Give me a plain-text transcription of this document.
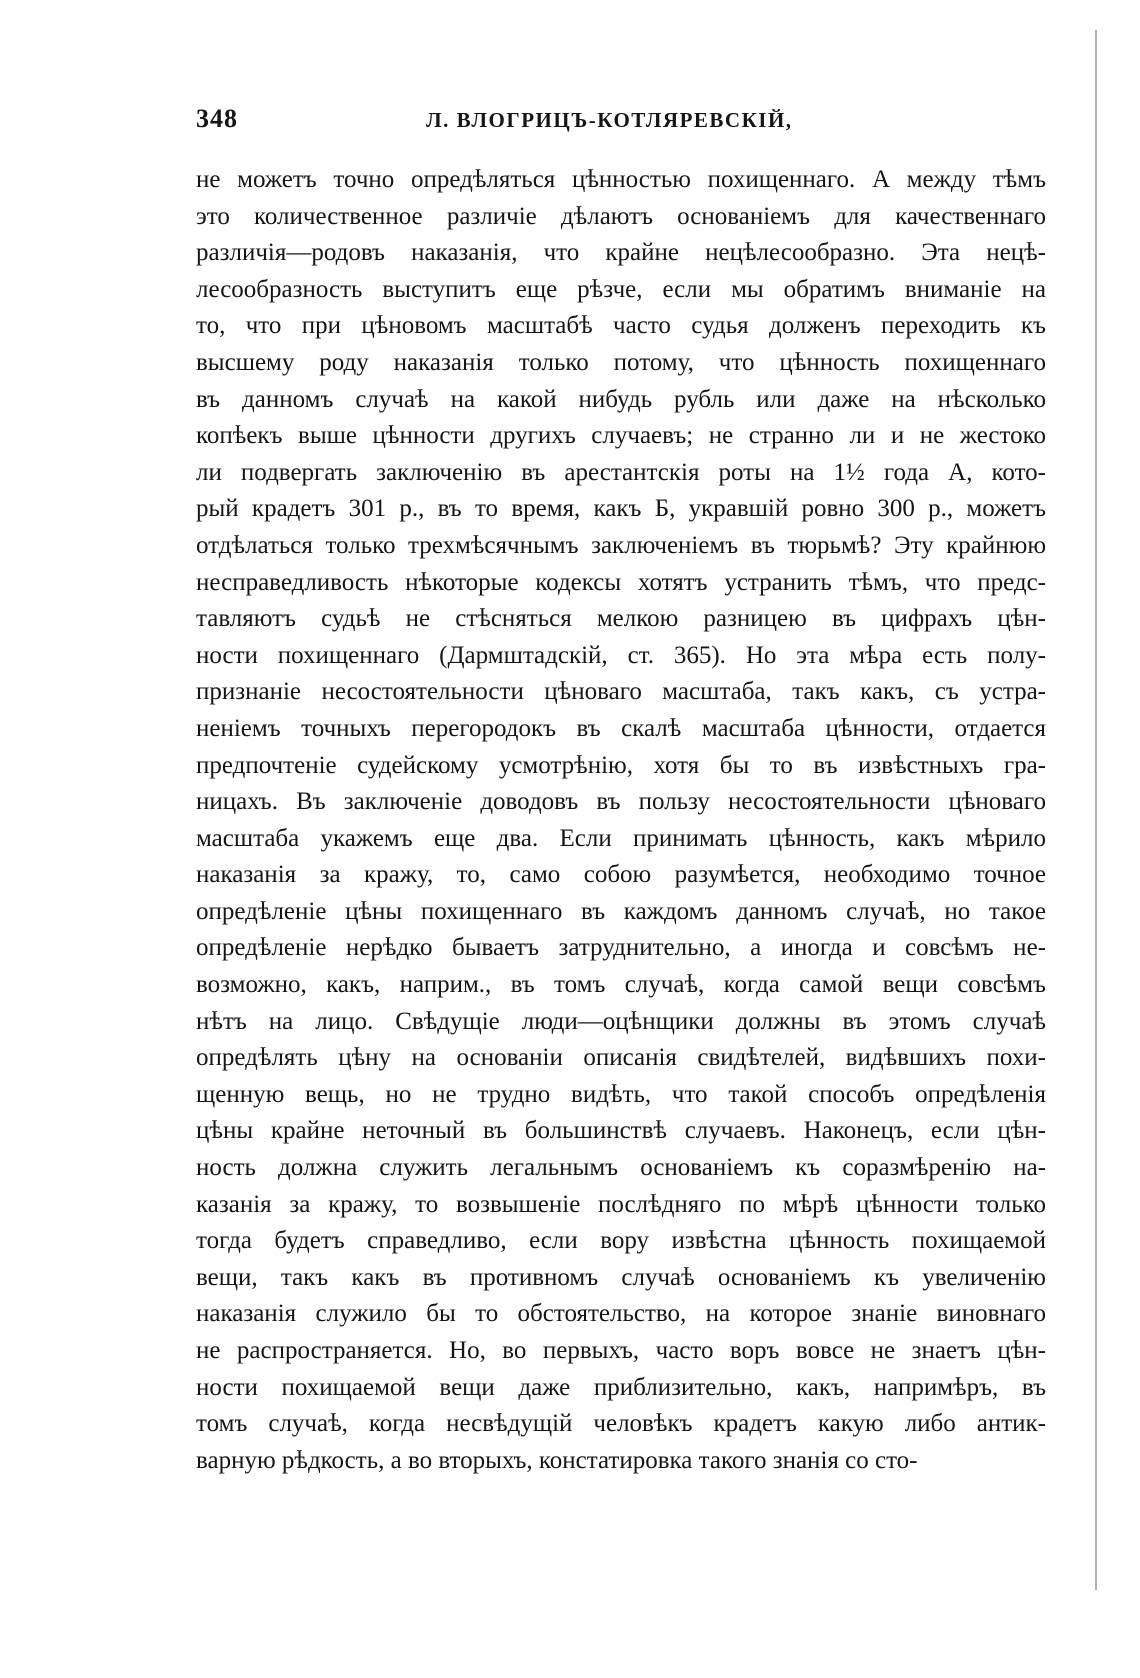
348	Л. ВЛОГРИЦЪ-КОТЛЯРЕВСКІЙ,
не можетъ точно опредѣляться цѣнностью похищеннаго. А между тѣмъ
это количественное различіе дѣлаютъ основаніемъ для качественнаго
различія—родовъ наказанія, что крайне нецѣлесообразно. Эта нецѣ-
лесообразность выступитъ еще рѣзче, если мы обратимъ вниманіе на
то, что при цѣновомъ масштабѣ часто судья долженъ переходить къ
высшему роду наказанія только потому, что цѣнность похищеннаго
въ данномъ случаѣ на какой нибудь рубль или даже на нѣсколько
копѣекъ выше цѣнности другихъ случаевъ; не странно ли и не жестоко
ли подвергать заключенію въ арестантскія роты на 1½ года А, кото-
рый крадетъ 301 р., въ то время, какъ Б, укравшій ровно 300 р., можетъ
отдѣлаться только трехмѣсячнымъ заключеніемъ въ тюрьмѣ? Эту крайнюю
несправедливость нѣкоторые кодексы хотятъ устранить тѣмъ, что предс-
тавляютъ судьѣ не стѣсняться мелкою разницею въ цифрахъ цѣн-
ности похищеннаго (Дармштадскій, ст. 365). Но эта мѣра есть полу-
признаніе несостоятельности цѣноваго масштаба, такъ какъ, съ устра-
неніемъ точныхъ перегородокъ въ скалѣ масштаба цѣнности, отдается
предпочтеніе судейскому усмотрѣнію, хотя бы то въ извѣстныхъ гра-
ницахъ. Въ заключеніе доводовъ въ пользу несостоятельности цѣноваго
масштаба укажемъ еще два. Если принимать цѣнность, какъ мѣрило
наказанія за кражу, то, само собою разумѣется, необходимо точное
опредѣленіе цѣны похищеннаго въ каждомъ данномъ случаѣ, но такое
опредѣленіе нерѣдко бываетъ затруднительно, а иногда и совсѣмъ не-
возможно, какъ, наприм., въ томъ случаѣ, когда самой вещи совсѣмъ
нѣтъ на лицо. Свѣдущіе люди—оцѣнщики должны въ этомъ случаѣ
опредѣлять цѣну на основаніи описанія свидѣтелей, видѣвшихъ похи-
щенную вещь, но не трудно видѣть, что такой способъ опредѣленія
цѣны крайне неточный въ большинствѣ случаевъ. Наконецъ, если цѣн-
ность должна служить легальнымъ основаніемъ къ соразмѣренію на-
казанія за кражу, то возвышеніе послѣдняго по мѣрѣ цѣнности только
тогда будетъ справедливо, если вору извѣстна цѣнность похищаемой
вещи, такъ какъ въ противномъ случаѣ основаніемъ къ увеличенію
наказанія служило бы то обстоятельство, на которое знаніе виновнаго
не распространяется. Но, во первыхъ, часто воръ вовсе не знаетъ цѣн-
ности похищаемой вещи даже приблизительно, какъ, напримѣръ, въ
томъ случаѣ, когда несвѣдущій человѣкъ крадетъ какую либо антик-
варную рѣдкость, а во вторыхъ, констатировка такого знанія со сто-
